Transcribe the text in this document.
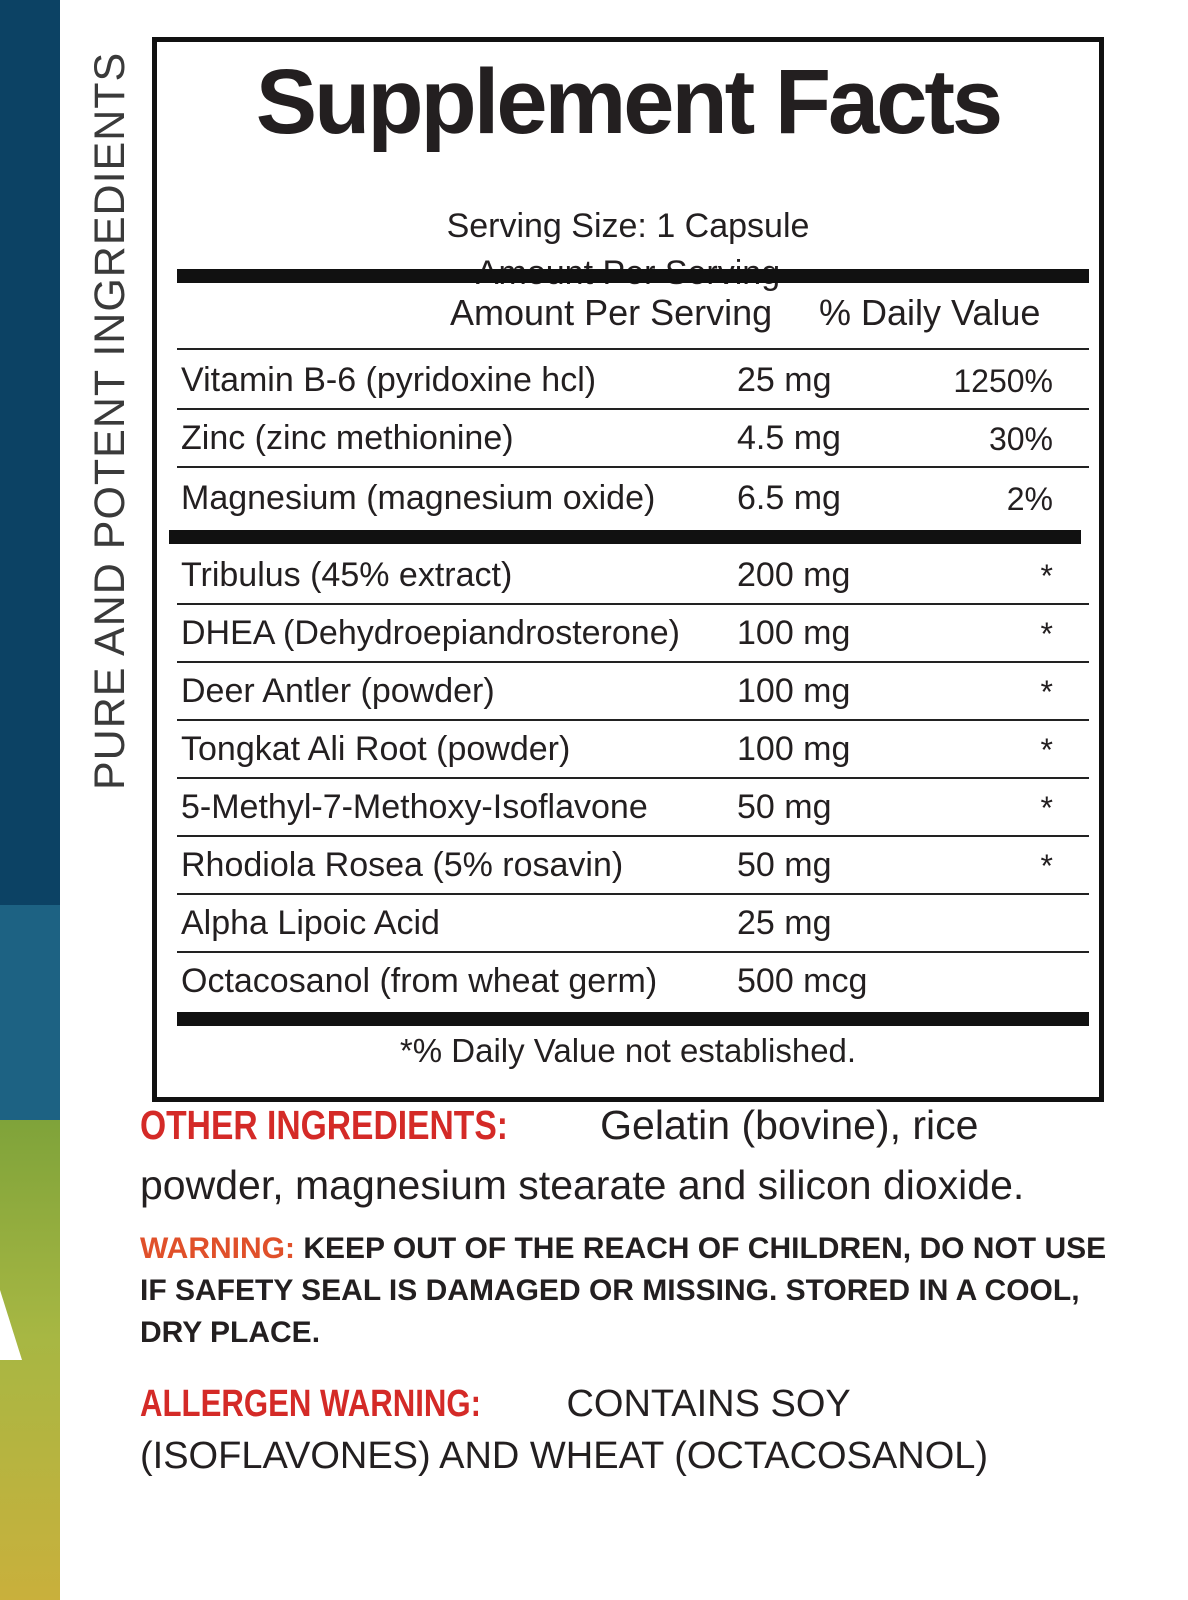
PURE AND POTENT INGREDIENTS	Supplement Facts
Serving Size: 1 Capsule
Amount Per Serving % Daily Value
Vitamin B-6 (pyridoxine hcl)	25 mg	1250%
Zinc (zinc methionine)	4.5 mg	30%
Magnesium (magnesium oxide) 6.5 mg	2%
Tribulus (45% extract)	200 mg	*
DHEA (Dehydroepiandrosterone) 100 mg	*
Deer Antler (powder)	100 mg	*
Tongkat Ali Root (powder)	100 mg	*
5-Methyl-7-Methoxy-Isoflavone	50 mg	*
Rhodiola Rosea (5% rosavin)	50 mg	*
Alpha Lipoic Acid	25 mg
Octacosanol (from wheat germ) 500 mcg
*% Daily Value not established.
OTHER INGREDIENTS: Gelatin (bovine), rice powder, magnesium stearate and silicon dioxide.
WARNING: KEEP OUT OF THE REACH OF CHILDREN, DO NOT USE IF SAFETY SEAL IS DAMAGED OR MISSING. STORED IN A COOL, DRY PLACE.
ALLERGEN WARNING: CONTAINS SOY (ISOFLAVONES) AND WHEAT (OCTACOSANOL)
